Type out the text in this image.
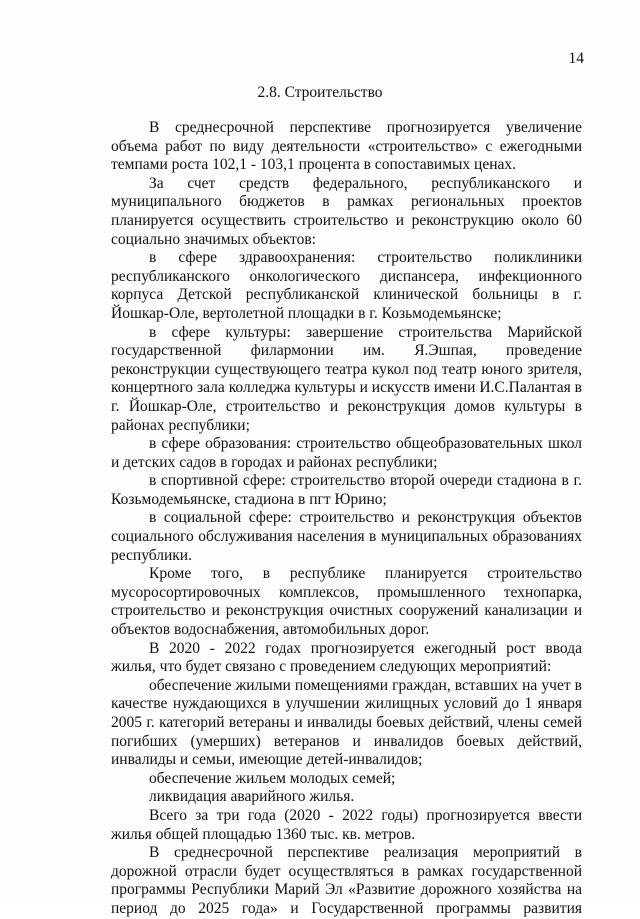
14
2.8. Строительство

В среднесрочной перспективе прогнозируется увеличение объема работ по виду деятельности «строительство» с ежегодными темпами роста 102,1 - 103,1 процента в сопоставимых ценах.

За счет средств федерального, республиканского и муниципального бюджетов в рамках региональных проектов планируется осуществить строительство и реконструкцию около 60 социально значимых объектов:

в сфере здравоохранения: строительство поликлиники республиканского онкологического диспансера, инфекционного корпуса Детской республиканской клинической больницы в г. Йошкар-Оле, вертолетной площадки в г. Козьмодемьянске;

в сфере культуры: завершение строительства Марийской государственной филармонии им. Я.Эшпая, проведение реконструкции существующего театра кукол под театр юного зрителя, концертного зала колледжа культуры и искусств имени И.С.Палантая в г. Йошкар-Оле, строительство и реконструкция домов культуры в районах республики;

в сфере образования: строительство общеобразовательных школ и детских садов в городах и районах республики;

в спортивной сфере: строительство второй очереди стадиона в г. Козьмодемьянске, стадиона в пгт Юрино;

в социальной сфере: строительство и реконструкция объектов социального обслуживания населения в муниципальных образованиях республики.

Кроме того, в республике планируется строительство мусоросортировочных комплексов, промышленного технопарка, строительство и реконструкция очистных сооружений канализации и объектов водоснабжения, автомобильных дорог.

В 2020 - 2022 годах прогнозируется ежегодный рост ввода жилья, что будет связано с проведением следующих мероприятий:

обеспечение жилыми помещениями граждан, вставших на учет в качестве нуждающихся в улучшении жилищных условий до 1 января 2005 г. категорий ветераны и инвалиды боевых действий, члены семей погибших (умерших) ветеранов и инвалидов боевых действий, инвалиды и семьи, имеющие детей-инвалидов;

обеспечение жильем молодых семей;

ликвидация аварийного жилья.

Всего за три года (2020 - 2022 годы) прогнозируется ввести жилья общей площадью 1360 тыс. кв. метров.

В среднесрочной перспективе реализация мероприятий в дорожной отрасли будет осуществляться в рамках государственной программы Республики Марий Эл «Развитие дорожного хозяйства на период до 2025 года» и Государственной программы развития
